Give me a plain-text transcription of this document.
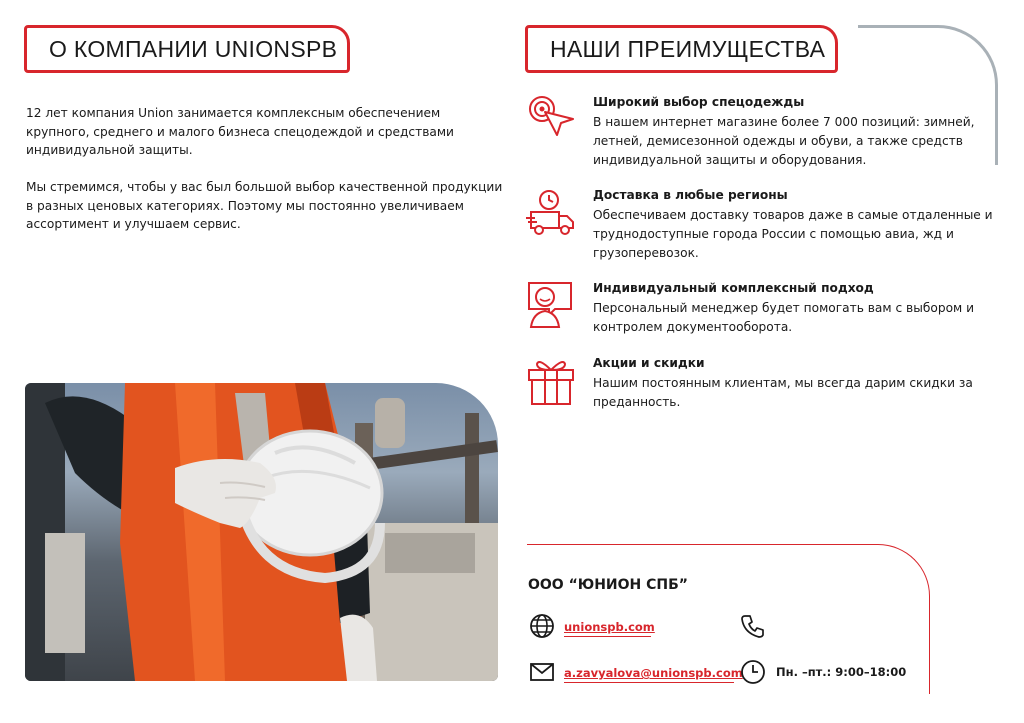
О КОМПАНИИ UNIONSPB

12 лет компания Union занимается комплексным обеспечением крупного, среднего и малого бизнеса спецодеждой и средствами индивидуальной защиты.

Мы стремимся, чтобы у вас был большой выбор качественной продукции в разных ценовых категориях. Поэтому мы постоянно увеличиваем ассортимент и улучшаем сервис.

НАШИ ПРЕИМУЩЕСТВА
Широкий выбор спецодежды
В нашем интернет магазине более 7 000 позиций: зимней, летней, демисезонной одежды и обуви, а также средств индивидуальной защиты и оборудования.
Доставка в любые регионы
Обеспечиваем доставку товаров даже в самые отдаленные и труднодоступные города России с помощью авиа, жд и грузоперевозок.
Индивидуальный комплексный подход
Персональный менеджер будет помогать вам с выбором и контролем документооборота.
Акции и скидки
Нашим постоянным клиентам, мы всегда дарим скидки за преданность.
ООО “ЮНИОН СПБ”
unionspb.com
a.zavyalova@unionspb.com	Пн. –пт.: 9:00–18:00
